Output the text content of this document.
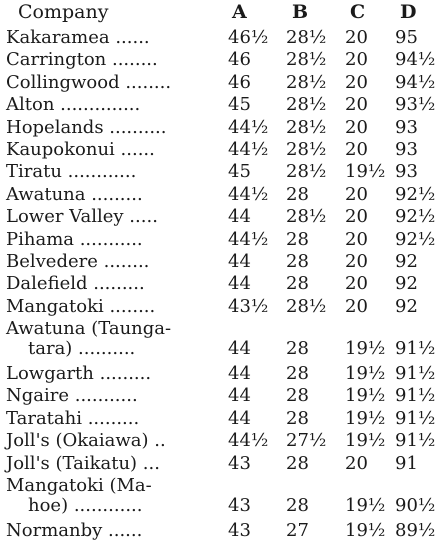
Company	A B C D
Kakaramea ......	46½ 28½ 20 95
Carrington ........	46 28½ 20 94½
Collingwood ........	46 28½ 20 94½
Alton ..............	45 28½ 20 93½
Hopelands ..........	44½ 28½ 20 93
Kaupokonui ......	44½ 28½ 20 93
Tiratu ............	45 28½ 19½ 93
Awatuna .........	44½ 28 20 92½
Lower Valley .....	44 28½ 20 92½
Pihama ...........	44½ 28 20 92½
Belvedere ........	44 28 20 92
Dalefield .........	44 28 20 92
Mangatoki ........	43½ 28½ 20 92
Awatuna (Taunga-
tara) ..........	44 28 19½ 91½
Lowgarth .........	44 28 19½ 91½
Ngaire ...........	44 28 19½ 91½
Taratahi .........	44 28 19½ 91½
Joll's (Okaiawa) ..	44½ 27½ 19½ 91½
Joll's (Taikatu) ...	43 28 20 91
Mangatoki (Ma-
hoe) ............	43 28 19½ 90½
Normanby ......	43 27 19½ 89½
